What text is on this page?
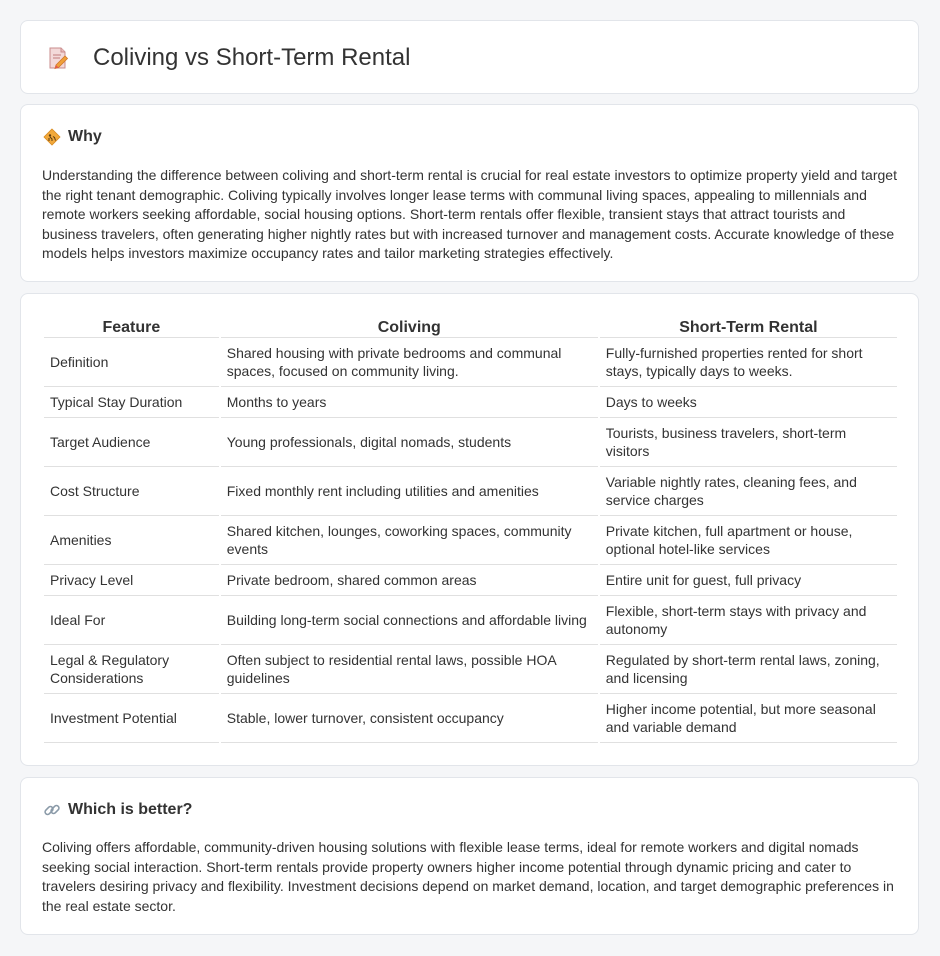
Coliving vs Short-Term Rental
Why

Understanding the difference between coliving and short-term rental is crucial for real estate investors to optimize property yield and target the right tenant demographic. Coliving typically involves longer lease terms with communal living spaces, appealing to millennials and remote workers seeking affordable, social housing options. Short-term rentals offer flexible, transient stays that attract tourists and business travelers, often generating higher nightly rates but with increased turnover and management costs. Accurate knowledge of these models helps investors maximize occupancy rates and tailor marketing strategies effectively.

Feature	Coliving	Short-Term Rental
Definition	Shared housing with private bedrooms and communal spaces, focused on community living.	Fully-furnished properties rented for short stays, typically days to weeks.
Typical Stay Duration	Months to years	Days to weeks
Target Audience	Young professionals, digital nomads, students	Tourists, business travelers, short-term visitors
Cost Structure	Fixed monthly rent including utilities and amenities	Variable nightly rates, cleaning fees, and service charges
Amenities	Shared kitchen, lounges, coworking spaces, community events	Private kitchen, full apartment or house, optional hotel-like services
Privacy Level	Private bedroom, shared common areas	Entire unit for guest, full privacy
Ideal For	Building long-term social connections and affordable living	Flexible, short-term stays with privacy and autonomy
Legal & Regulatory Considerations	Often subject to residential rental laws, possible HOA guidelines	Regulated by short-term rental laws, zoning, and licensing
Investment Potential	Stable, lower turnover, consistent occupancy	Higher income potential, but more seasonal and variable demand
Which is better?

Coliving offers affordable, community-driven housing solutions with flexible lease terms, ideal for remote workers and digital nomads seeking social interaction. Short-term rentals provide property owners higher income potential through dynamic pricing and cater to travelers desiring privacy and flexibility. Investment decisions depend on market demand, location, and target demographic preferences in the real estate sector.
